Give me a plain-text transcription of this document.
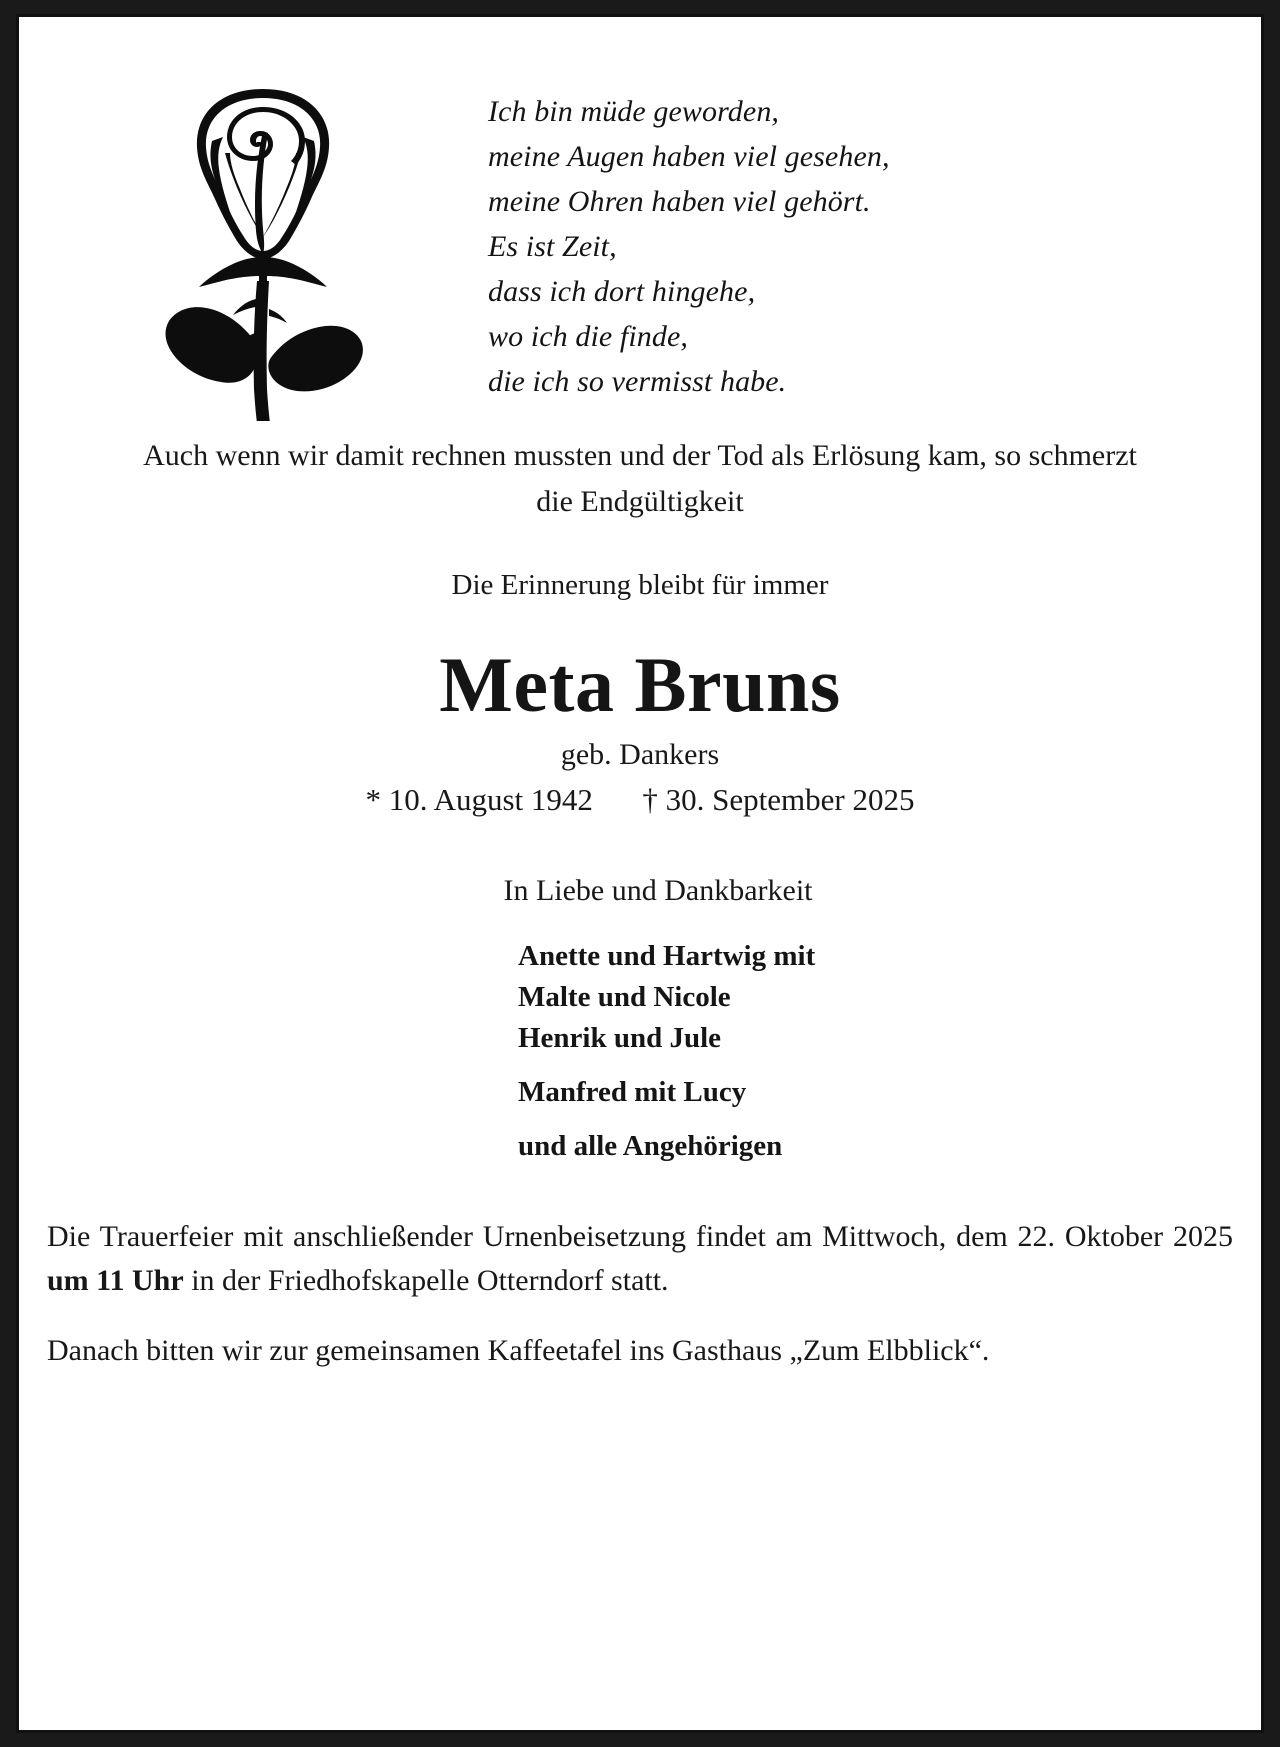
Ich bin müde geworden,
meine Augen haben viel gesehen,
meine Ohren haben viel gehört.
Es ist Zeit,
dass ich dort hingehe,
wo ich die finde,
die ich so vermisst habe.
Auch wenn wir damit rechnen mussten und der Tod als Erlösung kam, so schmerzt die Endgültigkeit
Die Erinnerung bleibt für immer
Meta Bruns
geb. Dankers
* 10. August 1942 † 30. September 2025
In Liebe und Dankbarkeit
Anette und Hartwig mit
Malte und Nicole
Henrik und Jule
Manfred mit Lucy
und alle Angehörigen

Die Trauerfeier mit anschließender Urnenbeisetzung findet am Mittwoch, dem 22. Oktober 2025 um 11 Uhr in der Friedhofskapelle Otterndorf statt.

Danach bitten wir zur gemeinsamen Kaffeetafel ins Gasthaus „Zum Elbblick“.
